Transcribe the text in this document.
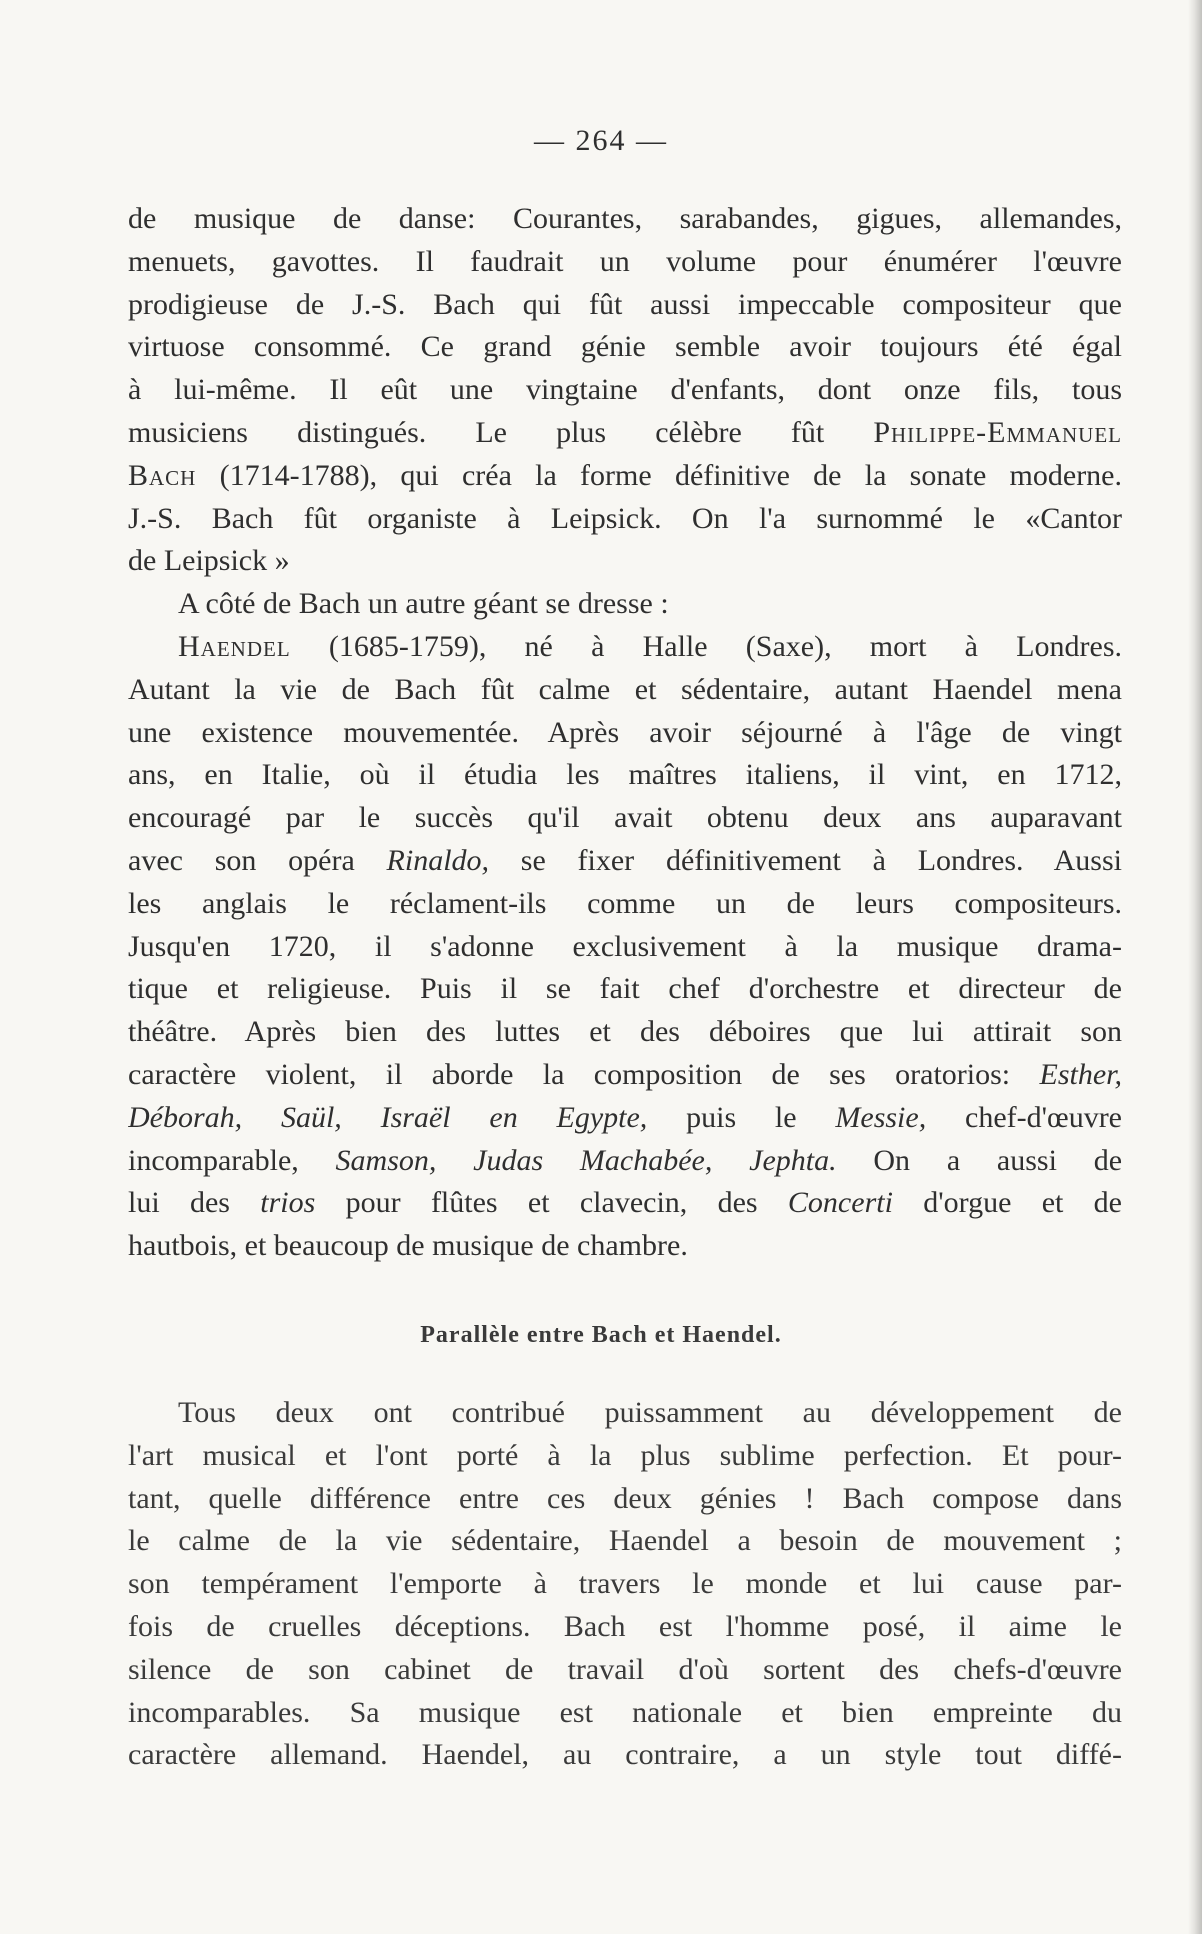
— 264 —
de musique de danse: Courantes, sarabandes, gigues, allemandes,
menuets, gavottes. Il faudrait un volume pour énumérer l'œuvre
prodigieuse de J.-S. Bach qui fût aussi impeccable compositeur que
virtuose consommé. Ce grand génie semble avoir toujours été égal
à lui-même. Il eût une vingtaine d'enfants, dont onze fils, tous
musiciens distingués. Le plus célèbre fût Philippe-Emmanuel
Bach (1714-1788), qui créa la forme définitive de la sonate moderne.
J.-S. Bach fût organiste à Leipsick. On l'a surnommé le «Cantor
de Leipsick »
A côté de Bach un autre géant se dresse :
Haendel (1685-1759), né à Halle (Saxe), mort à Londres.
Autant la vie de Bach fût calme et sédentaire, autant Haendel mena
une existence mouvementée. Après avoir séjourné à l'âge de vingt
ans, en Italie, où il étudia les maîtres italiens, il vint, en 1712,
encouragé par le succès qu'il avait obtenu deux ans auparavant
avec son opéra Rinaldo, se fixer définitivement à Londres. Aussi
les anglais le réclament-ils comme un de leurs compositeurs.
Jusqu'en 1720, il s'adonne exclusivement à la musique drama-
tique et religieuse. Puis il se fait chef d'orchestre et directeur de
théâtre. Après bien des luttes et des déboires que lui attirait son
caractère violent, il aborde la composition de ses oratorios: Esther,
Déborah, Saül, Israël en Egypte, puis le Messie, chef-d'œuvre
incomparable, Samson, Judas Machabée, Jephta. On a aussi de
lui des trios pour flûtes et clavecin, des Concerti d'orgue et de
hautbois, et beaucoup de musique de chambre.
Parallèle entre Bach et Haendel.
Tous deux ont contribué puissamment au développement de
l'art musical et l'ont porté à la plus sublime perfection. Et pour-
tant, quelle différence entre ces deux génies ! Bach compose dans
le calme de la vie sédentaire, Haendel a besoin de mouvement ;
son tempérament l'emporte à travers le monde et lui cause par-
fois de cruelles déceptions. Bach est l'homme posé, il aime le
silence de son cabinet de travail d'où sortent des chefs-d'œuvre
incomparables. Sa musique est nationale et bien empreinte du
caractère allemand. Haendel, au contraire, a un style tout diffé-
